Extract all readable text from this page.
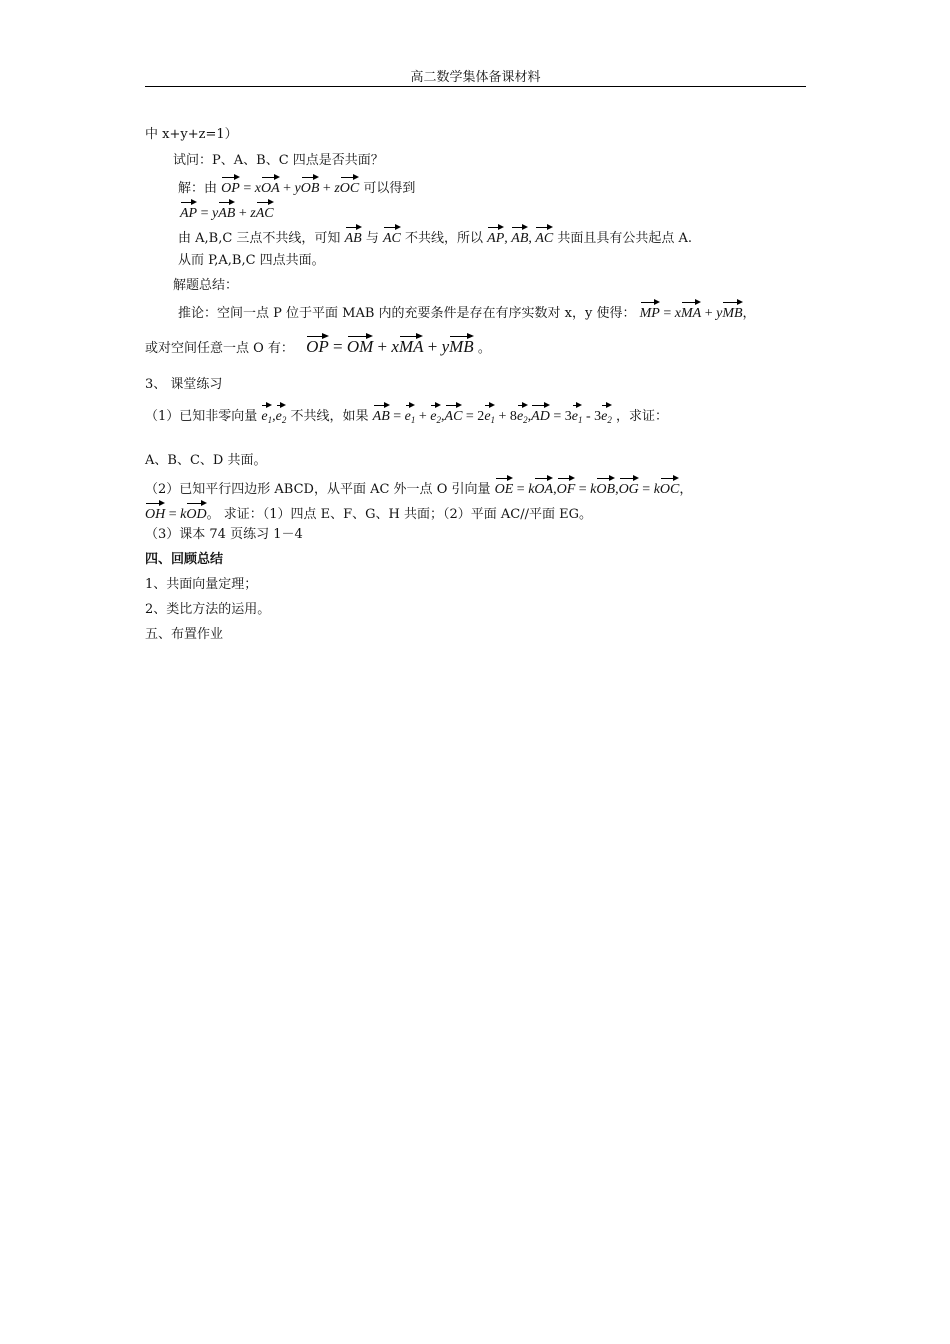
高二数学集体备课材料
中 x+y+z=1）
试问：P、A、B、C 四点是否共面？
解：由 OP = xOA + yOB + zOC 可以得到
AP = yAB + zAC
由 A,B,C 三点不共线，可知 AB 与 AC 不共线，所以 AP, AB, AC 共面且具有公共起点 A.
从而 P,A,B,C 四点共面。
解题总结：
推论：空间一点 P 位于平面 MAB 内的充要条件是存在有序实数对 x，y 使得： MP = xMA + yMB，
或对空间任意一点 O 有： OP = OM + xMA + yMB 。
3、 课堂练习
（1）已知非零向量 $e_1,e_2$ 不共线，如果 AB = $e_1 + e_2,AC = 2e_1 + 8e_2,AD = 3e_1 - 3e_2$ ，求证：
A、B、C、D 共面。
（2）已知平行四边形 ABCD，从平面 AC 外一点 O 引向量 OE = kOA,OF = kOB,OG = kOC，
OH = kOD。 求证：（1）四点 E、F、G、H 共面；（2）平面 AC//平面 EG。
（3）课本 74 页练习 1－4
四、回顾总结
1、共面向量定理；
2、类比方法的运用。
五、布置作业
